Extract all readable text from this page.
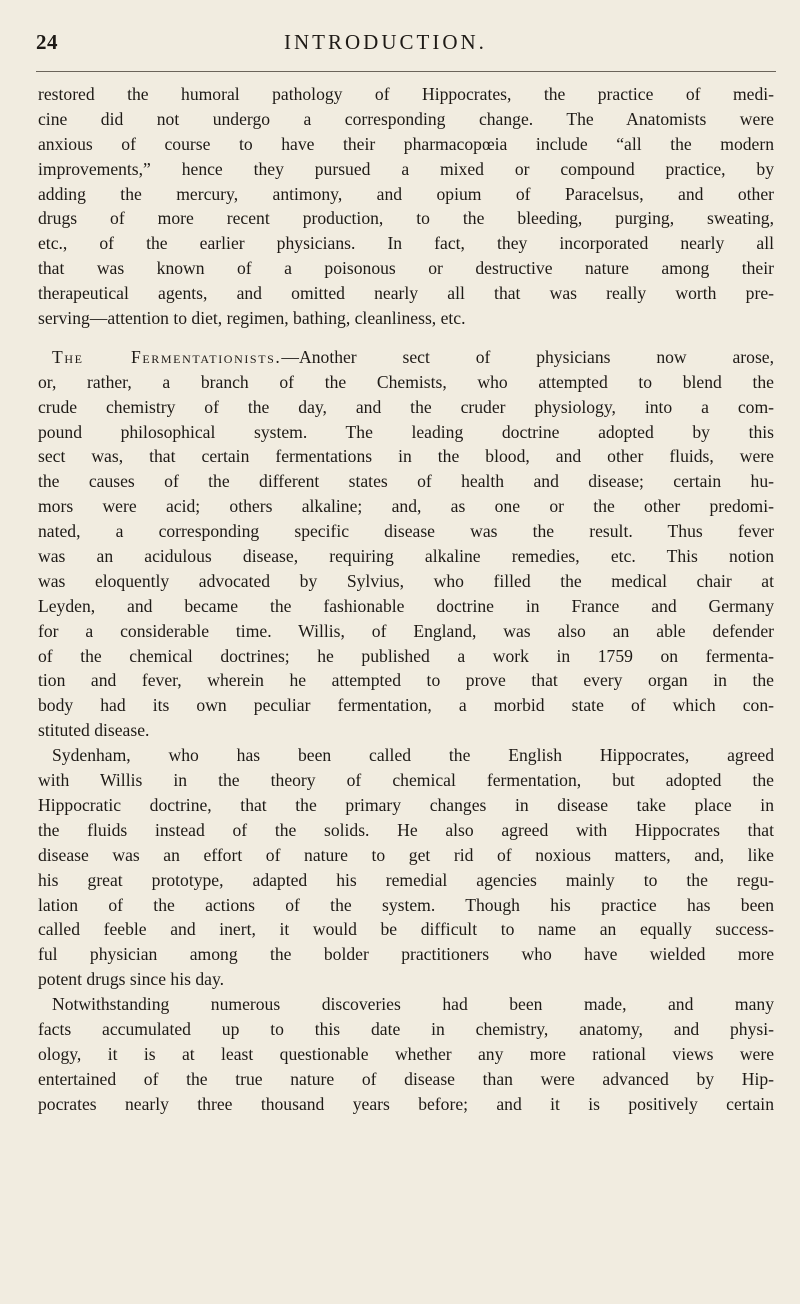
24	INTRODUCTION.
restored the humoral pathology of Hippocrates, the practice of medi-
cine did not undergo a corresponding change. The Anatomists were
anxious of course to have their pharmacopœia include “all the modern
improvements,” hence they pursued a mixed or compound practice, by
adding the mercury, antimony, and opium of Paracelsus, and other
drugs of more recent production, to the bleeding, purging, sweating,
etc., of the earlier physicians. In fact, they incorporated nearly all
that was known of a poisonous or destructive nature among their
therapeutical agents, and omitted nearly all that was really worth pre-
serving—attention to diet, regimen, bathing, cleanliness, etc.
The Fermentationists.—Another sect of physicians now arose,
or, rather, a branch of the Chemists, who attempted to blend the
crude chemistry of the day, and the cruder physiology, into a com-
pound philosophical system. The leading doctrine adopted by this
sect was, that certain fermentations in the blood, and other fluids, were
the causes of the different states of health and disease; certain hu-
mors were acid; others alkaline; and, as one or the other predomi-
nated, a corresponding specific disease was the result. Thus fever
was an acidulous disease, requiring alkaline remedies, etc. This notion
was eloquently advocated by Sylvius, who filled the medical chair at
Leyden, and became the fashionable doctrine in France and Germany
for a considerable time. Willis, of England, was also an able defender
of the chemical doctrines; he published a work in 1759 on fermenta-
tion and fever, wherein he attempted to prove that every organ in the
body had its own peculiar fermentation, a morbid state of which con-
stituted disease.
Sydenham, who has been called the English Hippocrates, agreed
with Willis in the theory of chemical fermentation, but adopted the
Hippocratic doctrine, that the primary changes in disease take place in
the fluids instead of the solids. He also agreed with Hippocrates that
disease was an effort of nature to get rid of noxious matters, and, like
his great prototype, adapted his remedial agencies mainly to the regu-
lation of the actions of the system. Though his practice has been
called feeble and inert, it would be difficult to name an equally success-
ful physician among the bolder practitioners who have wielded more
potent drugs since his day.
Notwithstanding numerous discoveries had been made, and many
facts accumulated up to this date in chemistry, anatomy, and physi-
ology, it is at least questionable whether any more rational views were
entertained of the true nature of disease than were advanced by Hip-
pocrates nearly three thousand years before; and it is positively certain
